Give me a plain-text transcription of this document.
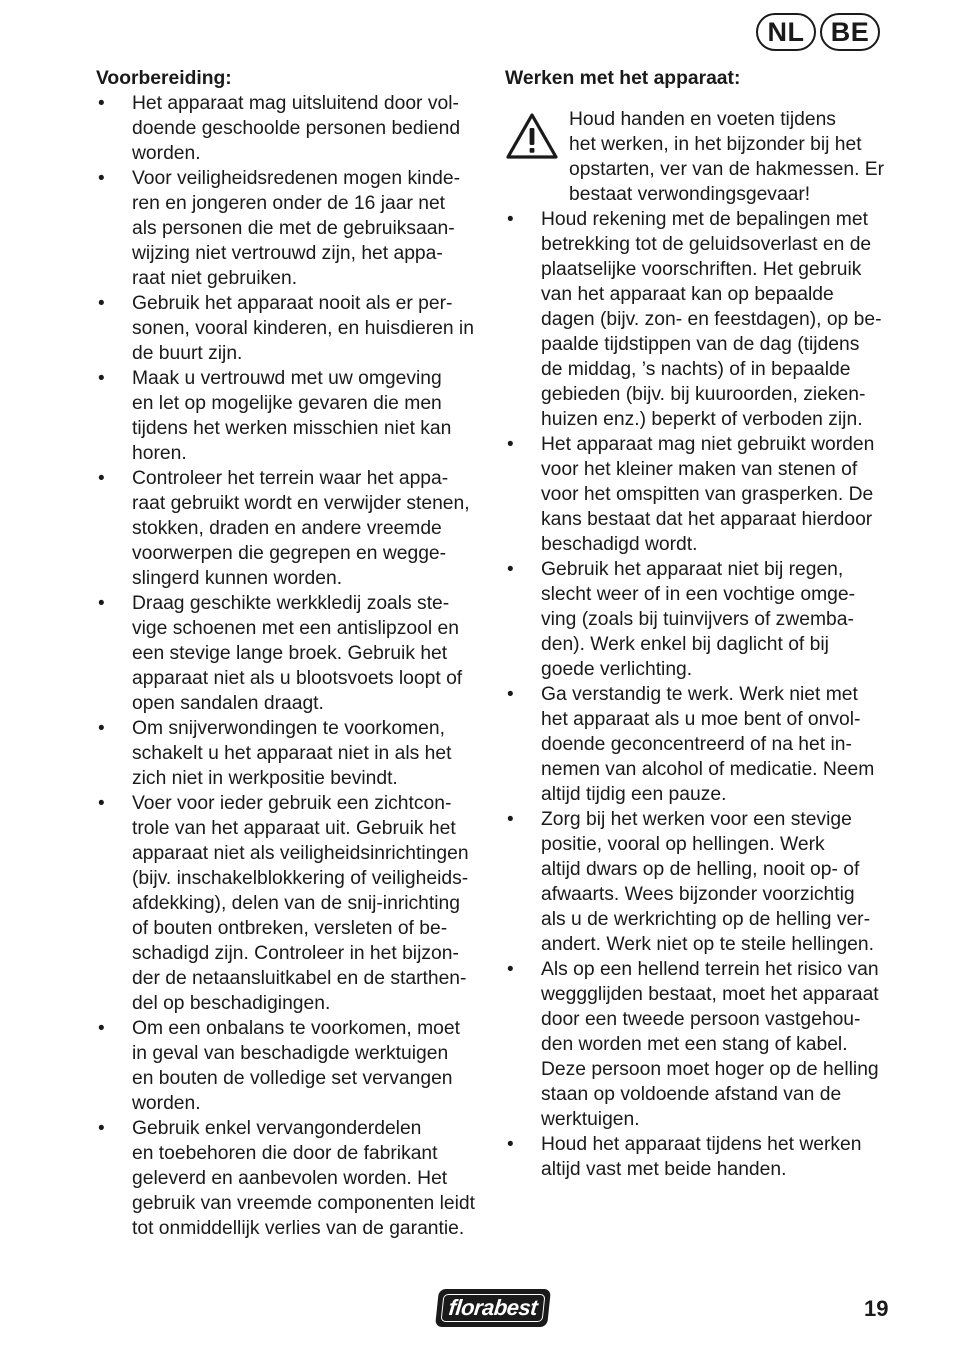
NL BE
Voorbereiding:
• Het apparaat mag uitsluitend door vol-
doende geschoolde personen bediend
worden.
• Voor veiligheidsredenen mogen kinde-
ren en jongeren onder de 16 jaar net
als personen die met de gebruiksaan-
wijzing niet vertrouwd zijn, het appa-
raat niet gebruiken.
• Gebruik het apparaat nooit als er per-
sonen, vooral kinderen, en huisdieren in
de buurt zijn.
• Maak u vertrouwd met uw omgeving
en let op mogelijke gevaren die men
tijdens het werken misschien niet kan
horen.
• Controleer het terrein waar het appa-
raat gebruikt wordt en verwijder stenen,
stokken, draden en andere vreemde
voorwerpen die gegrepen en wegge-
slingerd kunnen worden.
• Draag geschikte werkkledij zoals ste-
vige schoenen met een antislipzool en
een stevige lange broek. Gebruik het
apparaat niet als u blootsvoets loopt of
open sandalen draagt.
• Om snijverwondingen te voorkomen,
schakelt u het apparaat niet in als het
zich niet in werkpositie bevindt.
• Voer voor ieder gebruik een zichtcon-
trole van het apparaat uit. Gebruik het
apparaat niet als veiligheidsinrichtingen
(bijv. inschakelblokkering of veiligheids-
afdekking), delen van de snij-inrichting
of bouten ontbreken, versleten of be-
schadigd zijn. Controleer in het bijzon-
der de netaansluitkabel en de starthen-
del op beschadigingen.
• Om een onbalans te voorkomen, moet
in geval van beschadigde werktuigen
en bouten de volledige set vervangen
worden.
• Gebruik enkel vervangonderdelen
en toebehoren die door de fabrikant
geleverd en aanbevolen worden. Het
gebruik van vreemde componenten leidt
tot onmiddellijk verlies van de garantie.
Werken met het apparaat:
Houd handen en voeten tijdens
het werken, in het bijzonder bij het
opstarten, ver van de hakmessen. Er
bestaat verwondingsgevaar!
• Houd rekening met de bepalingen met
betrekking tot de geluidsoverlast en de
plaatselijke voorschriften. Het gebruik
van het apparaat kan op bepaalde
dagen (bijv. zon- en feestdagen), op be-
paalde tijdstippen van de dag (tijdens
de middag, ’s nachts) of in bepaalde
gebieden (bijv. bij kuuroorden, zieken-
huizen enz.) beperkt of verboden zijn.
• Het apparaat mag niet gebruikt worden
voor het kleiner maken van stenen of
voor het omspitten van grasperken. De
kans bestaat dat het apparaat hierdoor
beschadigd wordt.
• Gebruik het apparaat niet bij regen,
slecht weer of in een vochtige omge-
ving (zoals bij tuinvijvers of zwemba-
den). Werk enkel bij daglicht of bij
goede verlichting.
• Ga verstandig te werk. Werk niet met
het apparaat als u moe bent of onvol-
doende geconcentreerd of na het in-
nemen van alcohol of medicatie. Neem
altijd tijdig een pauze.
• Zorg bij het werken voor een stevige
positie, vooral op hellingen. Werk
altijd dwars op de helling, nooit op- of
afwaarts. Wees bijzonder voorzichtig
als u de werkrichting op de helling ver-
andert. Werk niet op te steile hellingen.
• Als op een hellend terrein het risico van
weggglijden bestaat, moet het apparaat
door een tweede persoon vastgehou-
den worden met een stang of kabel.
Deze persoon moet hoger op de helling
staan op voldoende afstand van de
werktuigen.
• Houd het apparaat tijdens het werken
altijd vast met beide handen.
florabest	19
